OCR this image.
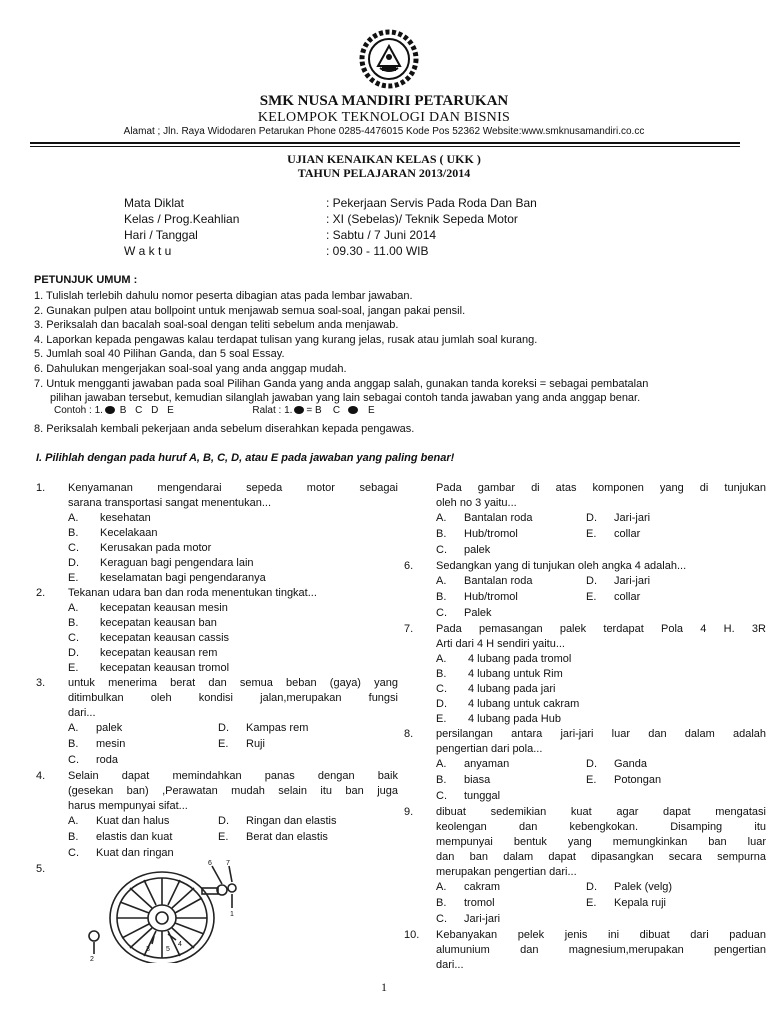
SMK NUSA MANDIRI PETARUKAN
KELOMPOK TEKNOLOGI DAN BISNIS
Alamat ; Jln. Raya Widodaren Petarukan Phone 0285-4476015 Kode Pos 52362 Website:www.smknusamandiri.co.cc
UJIAN KENAIKAN KELAS ( UKK )
TAHUN PELAJARAN 2013/2014
Mata Diklat	: Pekerjaan Servis Pada Roda Dan Ban
Kelas / Prog.Keahlian	: XI (Sebelas)/ Teknik Sepeda Motor
Hari / Tanggal	: Sabtu / 7 Juni 2014
W a k t u	: 09.30 - 11.00 WIB
PETUNJUK UMUM :
1. Tulislah terlebih dahulu nomor peserta dibagian atas pada lembar jawaban.
2. Gunakan pulpen atau bollpoint untuk menjawab semua soal-soal, jangan pakai pensil.
3. Periksalah dan bacalah soal-soal dengan teliti sebelum anda menjawab.
4. Laporkan kepada pengawas kalau terdapat tulisan yang kurang jelas, rusak atau jumlah soal kurang.
5. Jumlah soal 40 Pilihan Ganda, dan 5 soal Essay.
6. Dahulukan mengerjakan soal-soal yang anda anggap mudah.
7. Untuk mengganti jawaban pada soal Pilihan Ganda yang anda anggap salah, gunakan tanda koreksi = sebagai pembatalan
pilihan jawaban tersebut, kemudian silanglah jawaban yang lain sebagai contoh tanda jawaban yang anda anggap benar.
Contoh : 1. B C D E	Ralat : 1. = B C	E
8. Periksalah kembali pekerjaan anda sebelum diserahkan kepada pengawas.
I. Pilihlah dengan pada huruf A, B, C, D, atau E pada jawaban yang paling benar!
1. Kenyamanan mengendarai sepeda motor sebagai
sarana transportasi sangat menentukan...
A. kesehatan
B. Kecelakaan
C. Kerusakan pada motor
D. Keraguan bagi pengendara lain
E. keselamatan bagi pengendaranya
2. Tekanan udara ban dan roda menentukan tingkat...
A. kecepatan keausan mesin
B. kecepatan keausan ban
C. kecepatan keausan cassis
D. kecepatan keausan rem
E. kecepatan keausan tromol
3. untuk menerima berat dan semua beban (gaya) yang
ditimbulkan oleh kondisi jalan,merupakan fungsi
dari...
A. palek	D. Kampas rem
B. mesin	E. Ruji
C. roda
4. Selain dapat memindahkan panas dengan baik
(gesekan ban) ,Perawatan mudah selain itu ban juga
harus mempunyai sifat...
A. Kuat dan halus	D. Ringan dan elastis
B. elastis dan kuat	E. Berat dan elastis
C. Kuat dan ringan
5.
1
2
3
4
5
6 7
Pada gambar di atas komponen yang di tunjukan
oleh no 3 yaitu...
A. Bantalan roda	D. Jari-jari
B. Hub/tromol	E. collar
C. palek
6. Sedangkan yang di tunjukan oleh angka 4 adalah...
A. Bantalan roda	D. Jari-jari
B. Hub/tromol	E. collar
C. Palek
7. Pada pemasangan palek terdapat Pola 4 H. 3R
Arti dari 4 H sendiri yaitu...
A. 4 lubang pada tromol
B. 4 lubang untuk Rim
C. 4 lubang pada jari
D. 4 lubang untuk cakram
E. 4 lubang pada Hub
8. persilangan antara jari-jari luar dan dalam adalah
pengertian dari pola...
A. anyaman	D. Ganda
B. biasa	E. Potongan
C. tunggal
9. dibuat sedemikian kuat agar dapat mengatasi
keolengan dan kebengkokan. Disamping itu
mempunyai bentuk yang memungkinkan ban luar
dan ban dalam dapat dipasangkan secara sempurna
merupakan pengertian dari...
A. cakram	D. Palek (velg)
B. tromol	E. Kepala ruji
C. Jari-jari
10. Kebanyakan pelek jenis ini dibuat dari paduan
alumunium dan magnesium,merupakan pengertian
dari...
1
